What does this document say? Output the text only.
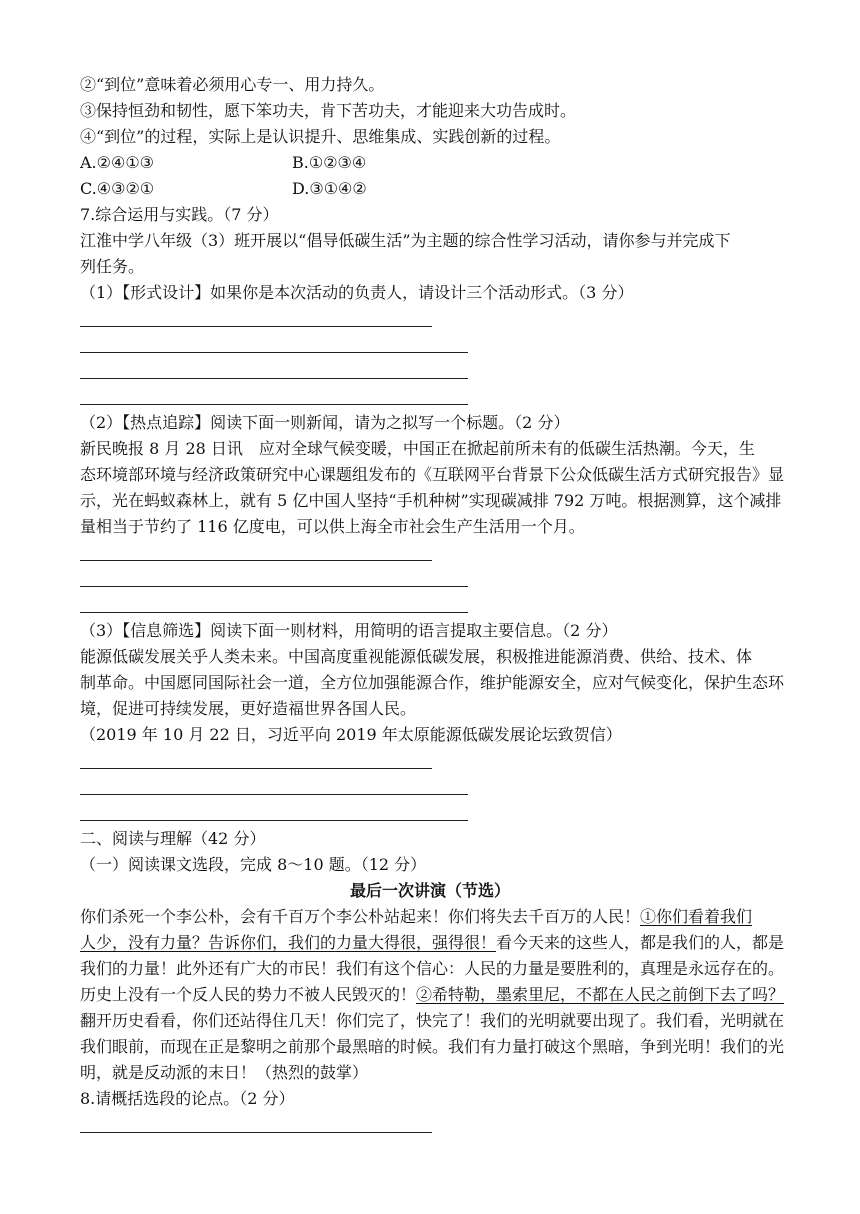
②“到位”意味着必须用心专一、用力持久。

③保持恒劲和韧性，愿下笨功夫，肯下苦功夫，才能迎来大功告成时。

④“到位”的过程，实际上是认识提升、思维集成、实践创新的过程。

A.②④①③	B.①②③④

C.④③②①	D.③①④②

7.综合运用与实践。（7 分）

江淮中学八年级（3）班开展以“倡导低碳生活”为主题的综合性学习活动，请你参与并完成下

列任务。

（1）【形式设计】如果你是本次活动的负责人，请设计三个活动形式。（3 分）

（2）【热点追踪】阅读下面一则新闻，请为之拟写一个标题。（2 分）

新民晚报 8 月 28 日讯　应对全球气候变暖，中国正在掀起前所未有的低碳生活热潮。今天，生

态环境部环境与经济政策研究中心课题组发布的《互联网平台背景下公众低碳生活方式研究报告》显

示，光在蚂蚁森林上，就有 5 亿中国人坚持“手机种树”实现碳减排 792 万吨。根据测算，这个减排

量相当于节约了 116 亿度电，可以供上海全市社会生产生活用一个月。

（3）【信息筛选】阅读下面一则材料，用简明的语言提取主要信息。（2 分）

能源低碳发展关乎人类未来。中国高度重视能源低碳发展，积极推进能源消费、供给、技术、体

制革命。中国愿同国际社会一道，全方位加强能源合作，维护能源安全，应对气候变化，保护生态环

境，促进可持续发展，更好造福世界各国人民。

（2019 年 10 月 22 日，习近平向 2019 年太原能源低碳发展论坛致贺信）

二、阅读与理解（42 分）

（一）阅读课文选段，完成 8～10 题。（12 分）

最后一次讲演（节选）

你们杀死一个李公朴，会有千百万个李公朴站起来！你们将失去千百万的人民！①你们看着我们

人少，没有力量？告诉你们，我们的力量大得很，强得很！看今天来的这些人，都是我们的人，都是

我们的力量！此外还有广大的市民！我们有这个信心：人民的力量是要胜利的，真理是永远存在的。

历史上没有一个反人民的势力不被人民毁灭的！②希特勒，墨索里尼，不都在人民之前倒下去了吗？

翻开历史看看，你们还站得住几天！你们完了，快完了！我们的光明就要出现了。我们看，光明就在

我们眼前，而现在正是黎明之前那个最黑暗的时候。我们有力量打破这个黑暗，争到光明！我们的光

明，就是反动派的末日！（热烈的鼓掌）

8.请概括选段的论点。（2 分）
